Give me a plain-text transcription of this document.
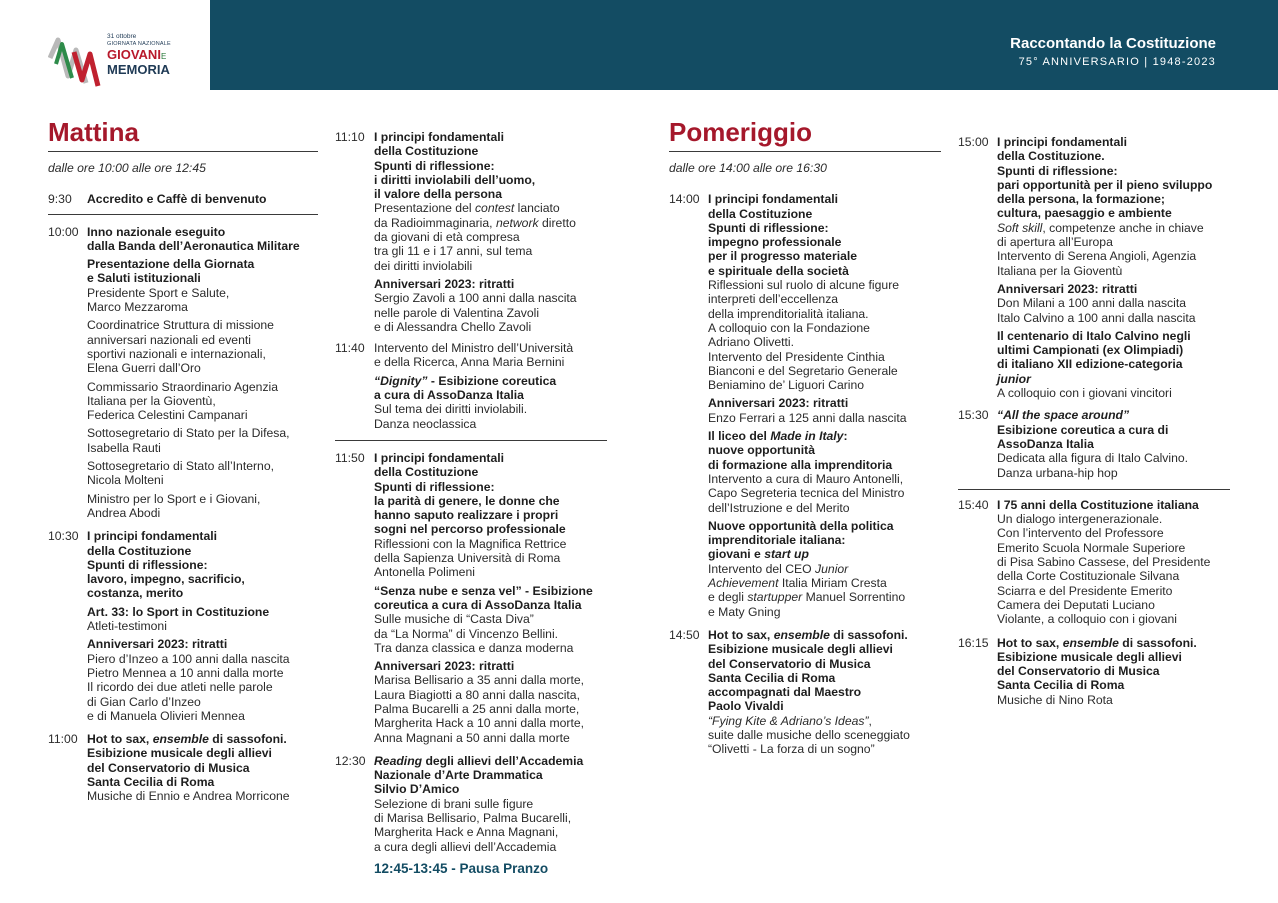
31 ottobre
GIORNATA NAZIONALE
GIOVANIE
MEMORIA
Raccontando la Costituzione
75° ANNIVERSARIO | 1948-2023
Mattina
dalle ore 10:00 alle ore 12:45
9:30	Accredito e Caffè di benvenuto
10:00 Inno nazionale eseguito
dalla Banda dell’Aeronautica Militare
Presentazione della Giornata
e Saluti istituzionali
Presidente Sport e Salute,
Marco Mezzaroma
Coordinatrice Struttura di missione
anniversari nazionali ed eventi
sportivi nazionali e internazionali,
Elena Guerri dall’Oro
Commissario Straordinario Agenzia
Italiana per la Gioventù,
Federica Celestini Campanari
Sottosegretario di Stato per la Difesa,
Isabella Rauti
Sottosegretario di Stato all’Interno,
Nicola Molteni
Ministro per lo Sport e i Giovani,
Andrea Abodi
10:30 I principi fondamentali
della Costituzione
Spunti di riflessione:
lavoro, impegno, sacrificio,
costanza, merito
Art. 33: lo Sport in Costituzione
Atleti-testimoni
Anniversari 2023: ritratti
Piero d’Inzeo a 100 anni dalla nascita
Pietro Mennea a 10 anni dalla morte
Il ricordo dei due atleti nelle parole
di Gian Carlo d’Inzeo
e di Manuela Olivieri Mennea
11:00 Hot to sax, ensemble di sassofoni.
Esibizione musicale degli allievi
del Conservatorio di Musica
Santa Cecilia di Roma
Musiche di Ennio e Andrea Morricone
11:10 I principi fondamentali
della Costituzione
Spunti di riflessione:
i diritti inviolabili dell’uomo,
il valore della persona
Presentazione del contest lanciato
da Radioimmaginaria, network diretto
da giovani di età compresa
tra gli 11 e i 17 anni, sul tema
dei diritti inviolabili
Anniversari 2023: ritratti
Sergio Zavoli a 100 anni dalla nascita
nelle parole di Valentina Zavoli
e di Alessandra Chello Zavoli
11:40 Intervento del Ministro dell’Università
e della Ricerca, Anna Maria Bernini
“Dignity” - Esibizione coreutica
a cura di AssoDanza Italia
Sul tema dei diritti inviolabili.
Danza neoclassica
11:50 I principi fondamentali
della Costituzione
Spunti di riflessione:
la parità di genere, le donne che
hanno saputo realizzare i propri
sogni nel percorso professionale
Riflessioni con la Magnifica Rettrice
della Sapienza Università di Roma
Antonella Polimeni
“Senza nube e senza vel” - Esibizione
coreutica a cura di AssoDanza Italia
Sulle musiche di “Casta Diva”
da “La Norma” di Vincenzo Bellini.
Tra danza classica e danza moderna
Anniversari 2023: ritratti
Marisa Bellisario a 35 anni dalla morte,
Laura Biagiotti a 80 anni dalla nascita,
Palma Bucarelli a 25 anni dalla morte,
Margherita Hack a 10 anni dalla morte,
Anna Magnani a 50 anni dalla morte
12:30 Reading degli allievi dell’Accademia
Nazionale d’Arte Drammatica
Silvio D’Amico
Selezione di brani sulle figure
di Marisa Bellisario, Palma Bucarelli,
Margherita Hack e Anna Magnani,
a cura degli allievi dell’Accademia
12:45-13:45 - Pausa Pranzo
Pomeriggio
dalle ore 14:00 alle ore 16:30
14:00 I principi fondamentali
della Costituzione
Spunti di riflessione:
impegno professionale
per il progresso materiale
e spirituale della società
Riflessioni sul ruolo di alcune figure
interpreti dell’eccellenza
della imprenditorialità italiana.
A colloquio con la Fondazione
Adriano Olivetti.
Intervento del Presidente Cinthia
Bianconi e del Segretario Generale
Beniamino de’ Liguori Carino
Anniversari 2023: ritratti
Enzo Ferrari a 125 anni dalla nascita
Il liceo del Made in Italy:
nuove opportunità
di formazione alla imprenditoria
Intervento a cura di Mauro Antonelli,
Capo Segreteria tecnica del Ministro
dell’Istruzione e del Merito
Nuove opportunità della politica
imprenditoriale italiana:
giovani e start up
Intervento del CEO Junior
Achievement Italia Miriam Cresta
e degli startupper Manuel Sorrentino
e Maty Gning
14:50 Hot to sax, ensemble di sassofoni.
Esibizione musicale degli allievi
del Conservatorio di Musica
Santa Cecilia di Roma
accompagnati dal Maestro
Paolo Vivaldi
“Fying Kite & Adriano’s Ideas”,
suite dalle musiche dello sceneggiato
“Olivetti - La forza di un sogno”
15:00 I principi fondamentali
della Costituzione.
Spunti di riflessione:
pari opportunità per il pieno sviluppo
della persona, la formazione;
cultura, paesaggio e ambiente
Soft skill, competenze anche in chiave
di apertura all’Europa
Intervento di Serena Angioli, Agenzia
Italiana per la Gioventù
Anniversari 2023: ritratti
Don Milani a 100 anni dalla nascita
Italo Calvino a 100 anni dalla nascita
Il centenario di Italo Calvino negli
ultimi Campionati (ex Olimpiadi)
di italiano XII edizione-categoria
junior
A colloquio con i giovani vincitori
15:30 “All the space around”
Esibizione coreutica a cura di
AssoDanza Italia
Dedicata alla figura di Italo Calvino.
Danza urbana-hip hop
15:40 I 75 anni della Costituzione italiana
Un dialogo intergenerazionale.
Con l’intervento del Professore
Emerito Scuola Normale Superiore
di Pisa Sabino Cassese, del Presidente
della Corte Costituzionale Silvana
Sciarra e del Presidente Emerito
Camera dei Deputati Luciano
Violante, a colloquio con i giovani
16:15 Hot to sax, ensemble di sassofoni.
Esibizione musicale degli allievi
del Conservatorio di Musica
Santa Cecilia di Roma
Musiche di Nino Rota
